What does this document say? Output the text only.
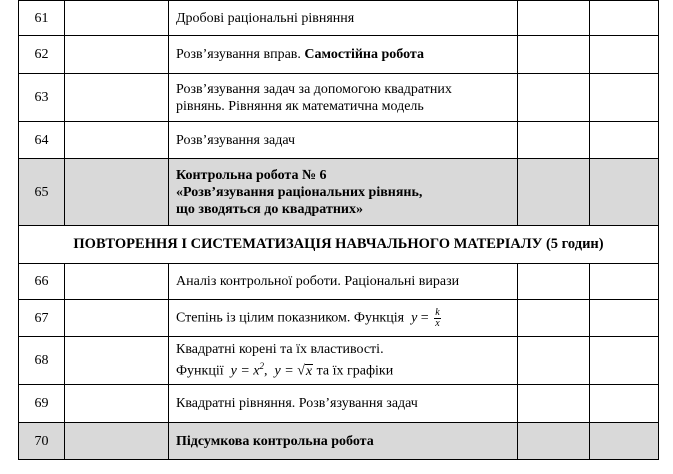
61		Дробові раціональні рівняння		
62		Розв’язування вправ. Самостійна робота		
63		Розв’язування задач за допомогою квадратних
рівнянь. Рівняння як математична модель		

64		Розв’язування задач		
65		Контрольна робота № 6
«Розв’язування раціональних рівнянь,
що зводяться до квадратних»		

ПОВТОРЕННЯ І СИСТЕМАТИЗАЦІЯ НАВЧАЛЬНОГО МАТЕРІАЛУ (5 годин)				
66		Аналіз контрольної роботи. Раціональні вирази		
67		Степінь із цілим показником. Функція $y = \frac{k}{x}$

68		Квадратні корені та їх властивості.
Функції $y = x^2$, y = √x та їх графіки		

69		Квадратні рівняння. Розв’язування задач		
70		Підсумкова контрольна робота		
